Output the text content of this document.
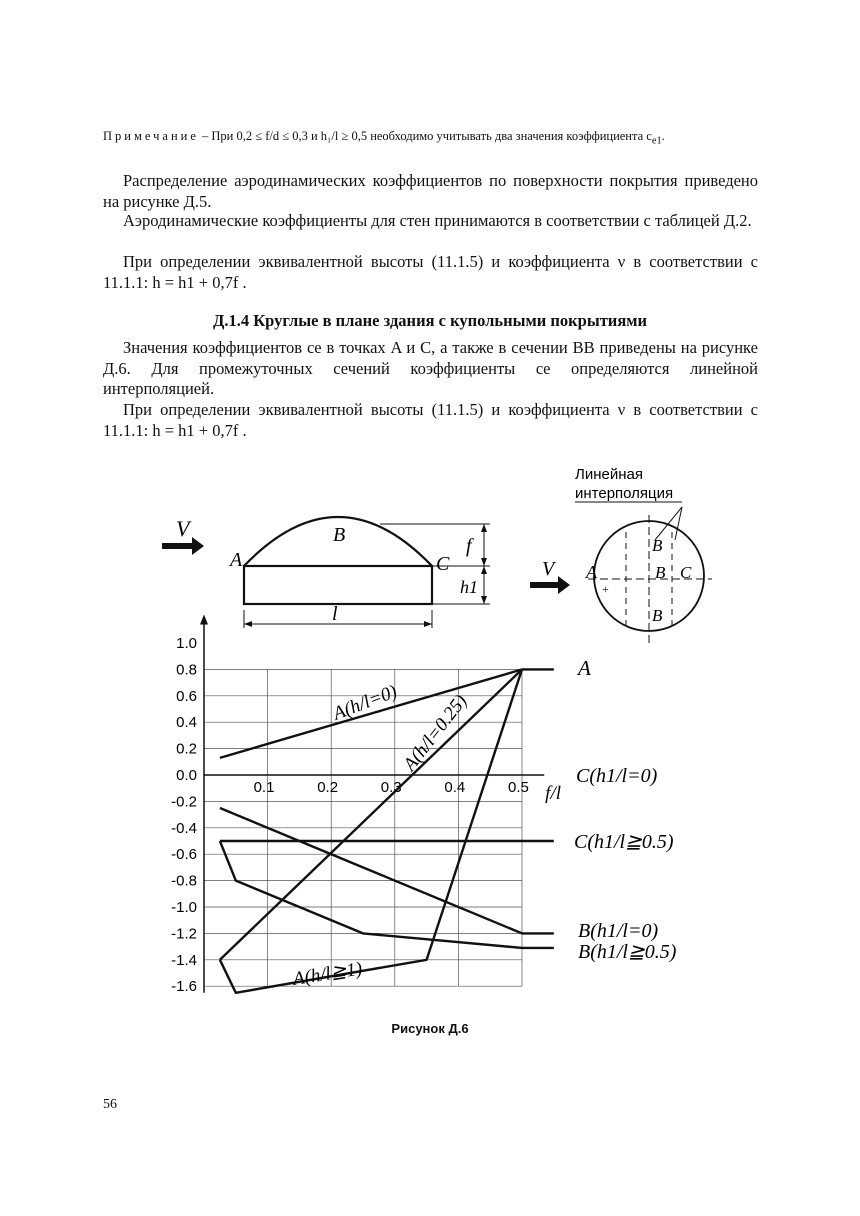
Примечание – При 0,2 ≤ f/d ≤ 0,3 и h₁/l ≥ 0,5 необходимо учитывать два значения коэффициента $c_{e1}$.
Распределение аэродинамических коэффициентов по поверхности покрытия приведено на рисунке Д.5.
Аэродинамические коэффициенты для стен принимаются в соответствии с таблицей Д.2.
При определении эквивалентной высоты (11.1.5) и коэффициента ν в соответствии с 11.1.1: h = h1 + 0,7f .
Д.1.4 Круглые в плане здания с купольными покрытиями
Значения коэффициентов ce в точках A и C, а также в сечении BB приведены на рисунке Д.6. Для промежуточных сечений коэффициенты ce определяются линейной интерполяцией.
При определении эквивалентной высоты (11.1.5) и коэффициента ν в соответствии с 11.1.1: h = h1 + 0,7f .
V
A
B
C
f
h1
l
Линейная
интерполяция
V A
B
B C
B
+
1.0
0.8
0.6
0.4
0.2
0.0
-0.2
-0.4
-0.6
-0.8
-1.0
-1.2
-1.4
-1.6
0.1	0.2	0.3	0.4	0.5 f/l
A
A(h/l=0) A(h/l=0.25)
A(h/l≧1)
C(h1/l=0)
C(h1/l≧0.5)
B(h1/l=0)
B(h1/l≧0.5)
Рисунок Д.6
56
